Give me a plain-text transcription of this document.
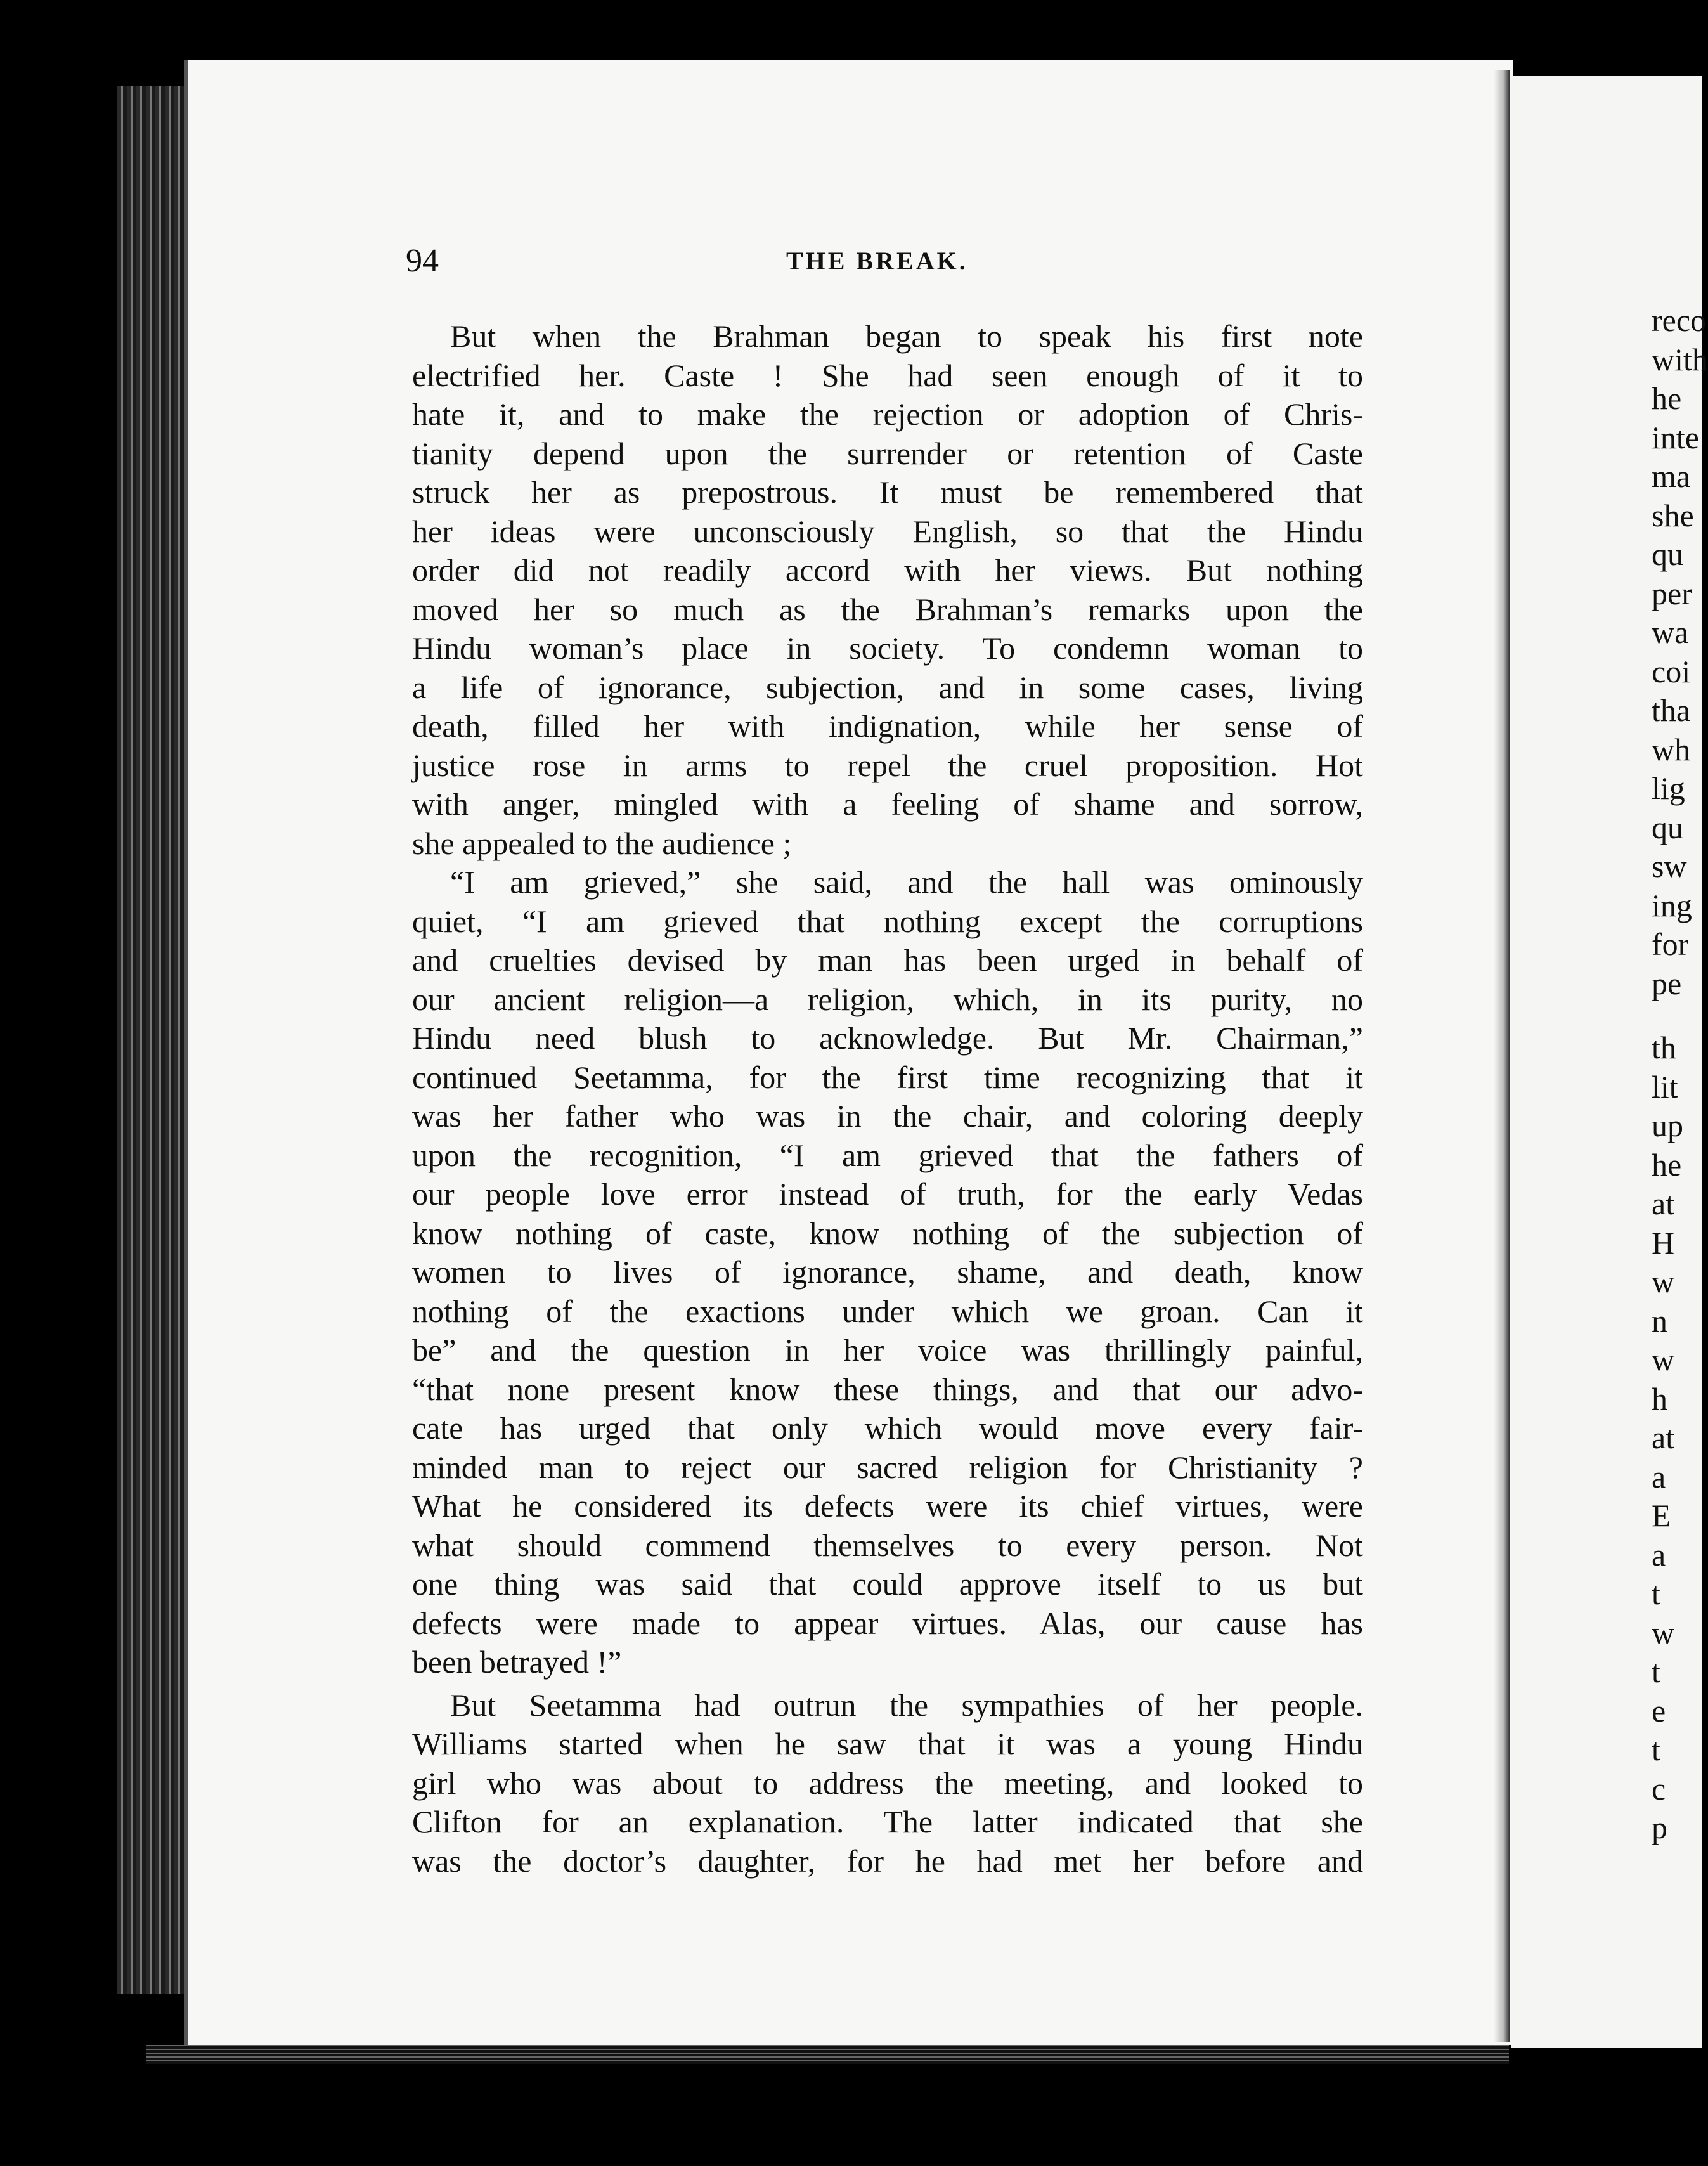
94	THE BREAK.
But when the Brahman began to speak his first note
electrified her. Caste ! She had seen enough of it to
hate it, and to make the rejection or adoption of Chris-
tianity depend upon the surrender or retention of Caste
struck her as prepostrous. It must be remembered that
her ideas were unconsciously English, so that the Hindu
order did not readily accord with her views. But nothing
moved her so much as the Brahman’s remarks upon the
Hindu woman’s place in society. To condemn woman to
a life of ignorance, subjection, and in some cases, living
death, filled her with indignation, while her sense of
justice rose in arms to repel the cruel proposition. Hot
with anger, mingled with a feeling of shame and sorrow,
she appealed to the audience ;
“I am grieved,” she said, and the hall was ominously
quiet, “I am grieved that nothing except the corruptions
and cruelties devised by man has been urged in behalf of
our ancient religion—a religion, which, in its purity, no
Hindu need blush to acknowledge. But Mr. Chairman,”
continued Seetamma, for the first time recognizing that it
was her father who was in the chair, and coloring deeply
upon the recognition, “I am grieved that the fathers of
our people love error instead of truth, for the early Vedas
know nothing of caste, know nothing of the subjection of
women to lives of ignorance, shame, and death, know
nothing of the exactions under which we groan. Can it
be” and the question in her voice was thrillingly painful,
“that none present know these things, and that our advo-
cate has urged that only which would move every fair-
minded man to reject our sacred religion for Christianity ?
What he considered its defects were its chief virtues, were
what should commend themselves to every person. Not
one thing was said that could approve itself to us but
defects were made to appear virtues. Alas, our cause has
been betrayed !”
But Seetamma had outrun the sympathies of her people.
Williams started when he saw that it was a young Hindu
girl who was about to address the meeting, and looked to
Clifton for an explanation. The latter indicated that she
was the doctor’s daughter, for he had met her before and
reco
with
he
inte
ma
she
qu
per
wa
coi
tha
wh
lig
qu
sw
ing
for
pe
th
lit
up
he
at
H
w
n
w
h
at
a
E
a
t
w
t
e
t
c
p
